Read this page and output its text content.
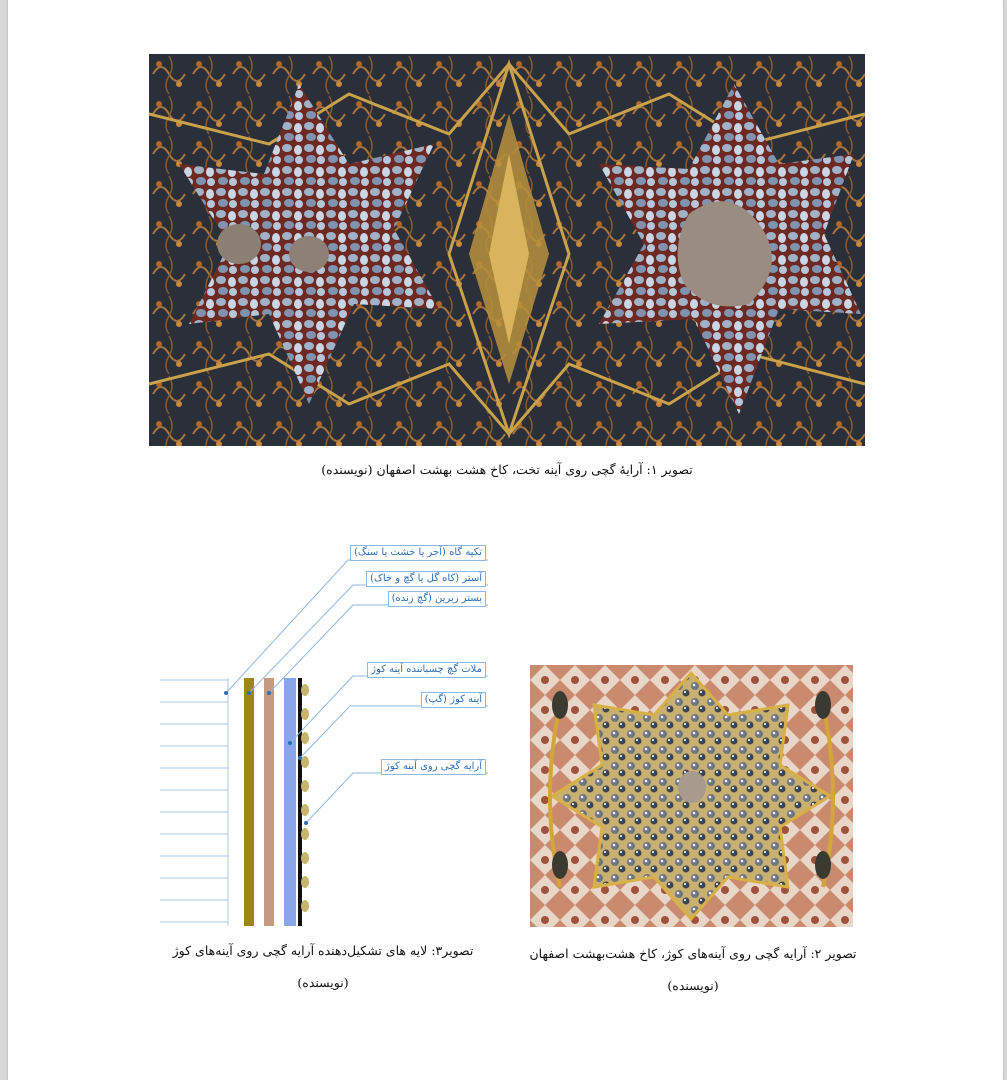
تصویر ۱: آرایهٔ گچی روی آینه تخت، کاخ هشت بهشت اصفهان (نویسنده)
تکیه گاه (آجر یا خشت یا سنگ)
آستر (کاه گل یا گچ و خاک)
بستر زیرین (گچ زنده)
ملات گچ چسباننده آینه کوژ
آینه کوژ (گپ)
آرایه گچی روی آینه کوژ
تصویر۳: لایه های تشکیل‌دهنده آرایه گچی روی آینه‌های کوژ
(نویسنده)
تصویر ۲: آرایه گچی روی آینه‌های کوژ، کاخ هشت‌بهشت اصفهان
(نویسنده)
